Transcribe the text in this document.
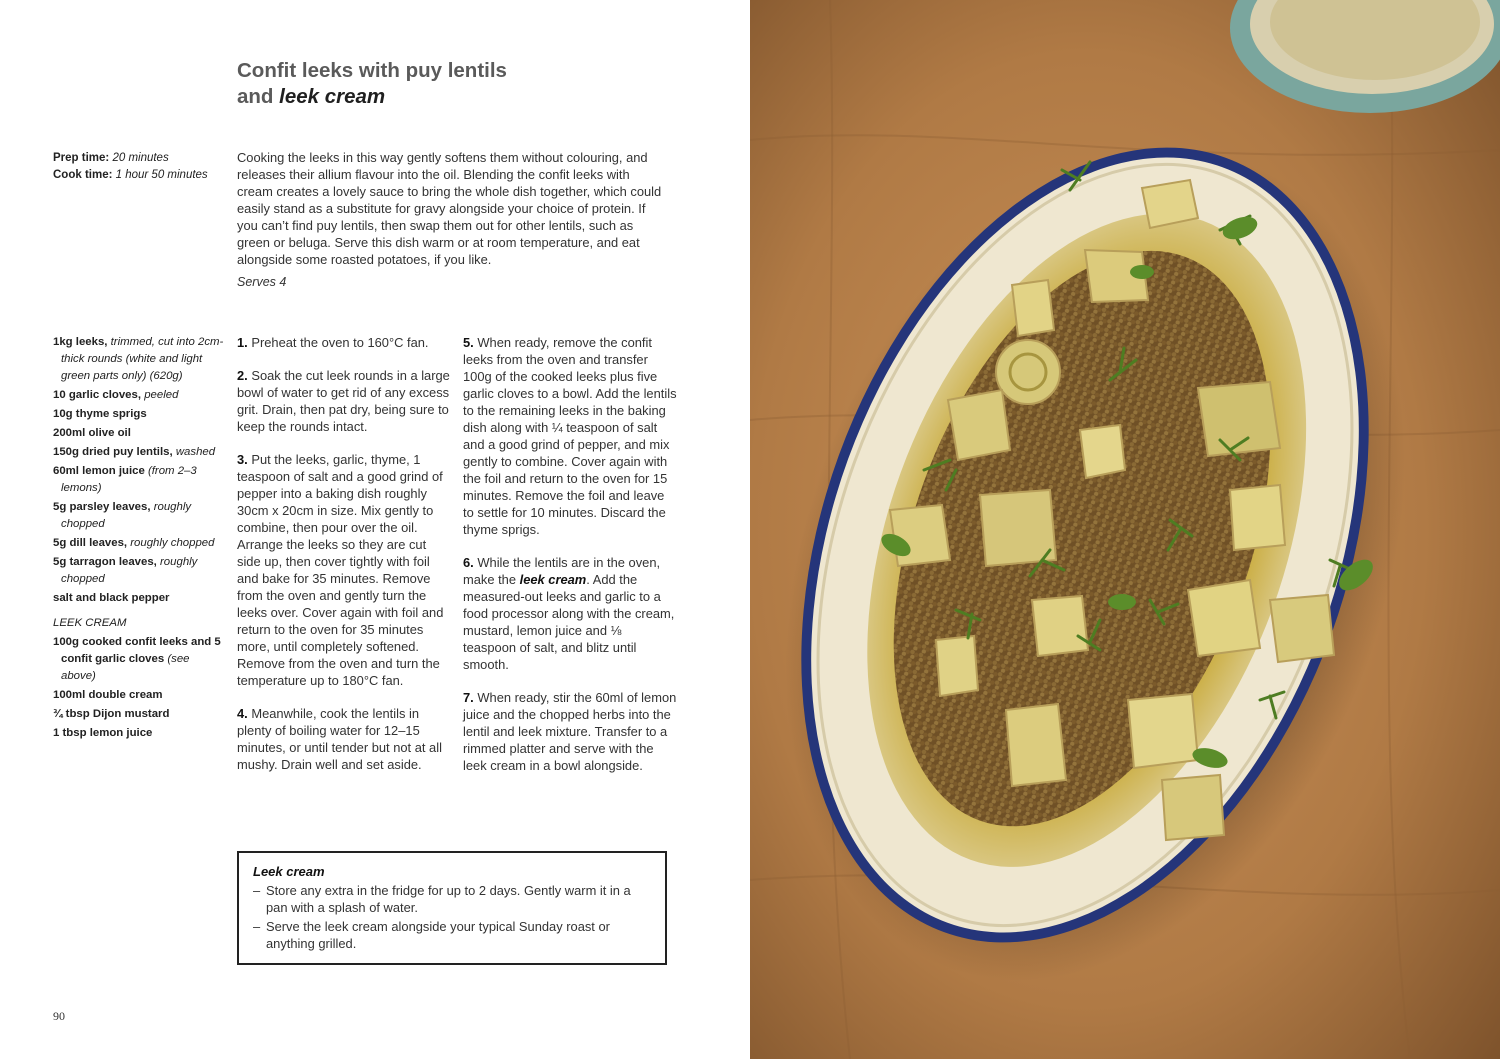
Confit leeks with puy lentils
and leek cream
Prep time: 20 minutes
Cook time: 1 hour 50 minutes

Cooking the leeks in this way gently softens them without colouring, and releases their allium flavour into the oil. Blending the confit leeks with cream creates a lovely sauce to bring the whole dish together, which could easily stand as a substitute for gravy alongside your choice of protein. If you can’t find puy lentils, then swap them out for other lentils, such as green or beluga. Serve this dish warm or at room temperature, and eat alongside some roasted potatoes, if you like.

Serves 4
1kg leeks, trimmed, cut into 2cm-thick rounds (white and light green parts only) (620g)
10 garlic cloves, peeled
10g thyme sprigs
200ml olive oil
150g dried puy lentils, washed
60ml lemon juice (from 2–3 lemons)
5g parsley leaves, roughly chopped
5g dill leaves, roughly chopped
5g tarragon leaves, roughly chopped
salt and black pepper
LEEK CREAM
100g cooked confit leeks and 5 confit garlic cloves (see above)
100ml double cream
¾ tbsp Dijon mustard
1 tbsp lemon juice

1. Preheat the oven to 160°C fan.

2. Soak the cut leek rounds in a large bowl of water to get rid of any excess grit. Drain, then pat dry, being sure to keep the rounds intact.

3. Put the leeks, garlic, thyme, 1 teaspoon of salt and a good grind of pepper into a baking dish roughly 30cm x 20cm in size. Mix gently to combine, then pour over the oil. Arrange the leeks so they are cut side up, then cover tightly with foil and bake for 35 minutes. Remove from the oven and gently turn the leeks over. Cover again with foil and return to the oven for 35 minutes more, until completely softened. Remove from the oven and turn the temperature up to 180°C fan.

4. Meanwhile, cook the lentils in plenty of boiling water for 12–15 minutes, or until tender but not at all mushy. Drain well and set aside.

5. When ready, remove the confit leeks from the oven and transfer 100g of the cooked leeks plus five garlic cloves to a bowl. Add the lentils to the remaining leeks in the baking dish along with ¼ teaspoon of salt and a good grind of pepper, and mix gently to combine. Cover again with the foil and return to the oven for 15 minutes. Remove the foil and leave to settle for 10 minutes. Discard the thyme sprigs.

6. While the lentils are in the oven, make the leek cream. Add the measured-out leeks and garlic to a food processor along with the cream, mustard, lemon juice and ⅛ teaspoon of salt, and blitz until smooth.

7. When ready, stir the 60ml of lemon juice and the chopped herbs into the lentil and leek mixture. Transfer to a rimmed platter and serve with the leek cream in a bowl alongside.

Leek cream
– Store any extra in the fridge for up to 2 days. Gently warm it in a pan with a splash of water.
– Serve the leek cream alongside your typical Sunday roast or anything grilled.
90
